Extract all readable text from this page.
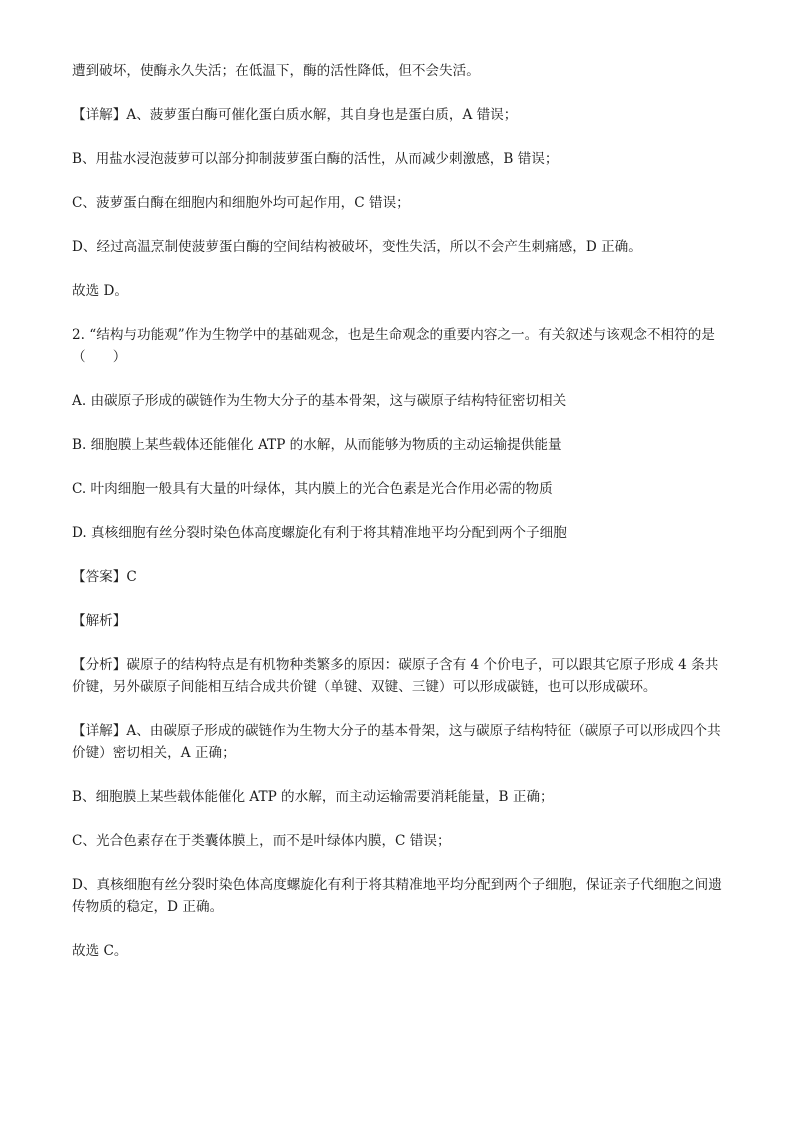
遭到破坏，使酶永久失活；在低温下，酶的活性降低，但不会失活。

【详解】A、菠萝蛋白酶可催化蛋白质水解，其自身也是蛋白质，A 错误；

B、用盐水浸泡菠萝可以部分抑制菠萝蛋白酶的活性，从而减少刺激感，B 错误；

C、菠萝蛋白酶在细胞内和细胞外均可起作用，C 错误；

D、经过高温烹制使菠萝蛋白酶的空间结构被破坏，变性失活，所以不会产生刺痛感，D 正确。

故选 D。

2. “结构与功能观”作为生物学中的基础观念，也是生命观念的重要内容之一。有关叙述与该观念不相符的是（　　）

A. 由碳原子形成的碳链作为生物大分子的基本骨架，这与碳原子结构特征密切相关

B. 细胞膜上某些载体还能催化 ATP 的水解，从而能够为物质的主动运输提供能量

C. 叶肉细胞一般具有大量的叶绿体，其内膜上的光合色素是光合作用必需的物质

D. 真核细胞有丝分裂时染色体高度螺旋化有利于将其精准地平均分配到两个子细胞

【答案】C

【解析】

【分析】碳原子的结构特点是有机物种类繁多的原因：碳原子含有 4 个价电子，可以跟其它原子形成 4 条共价键，另外碳原子间能相互结合成共价键（单键、双键、三键）可以形成碳链，也可以形成碳环。

【详解】A、由碳原子形成的碳链作为生物大分子的基本骨架，这与碳原子结构特征（碳原子可以形成四个共价键）密切相关，A 正确；

B、细胞膜上某些载体能催化 ATP 的水解，而主动运输需要消耗能量，B 正确；

C、光合色素存在于类囊体膜上，而不是叶绿体内膜，C 错误；

D、真核细胞有丝分裂时染色体高度螺旋化有利于将其精准地平均分配到两个子细胞，保证亲子代细胞之间遗传物质的稳定，D 正确。

故选 C。
